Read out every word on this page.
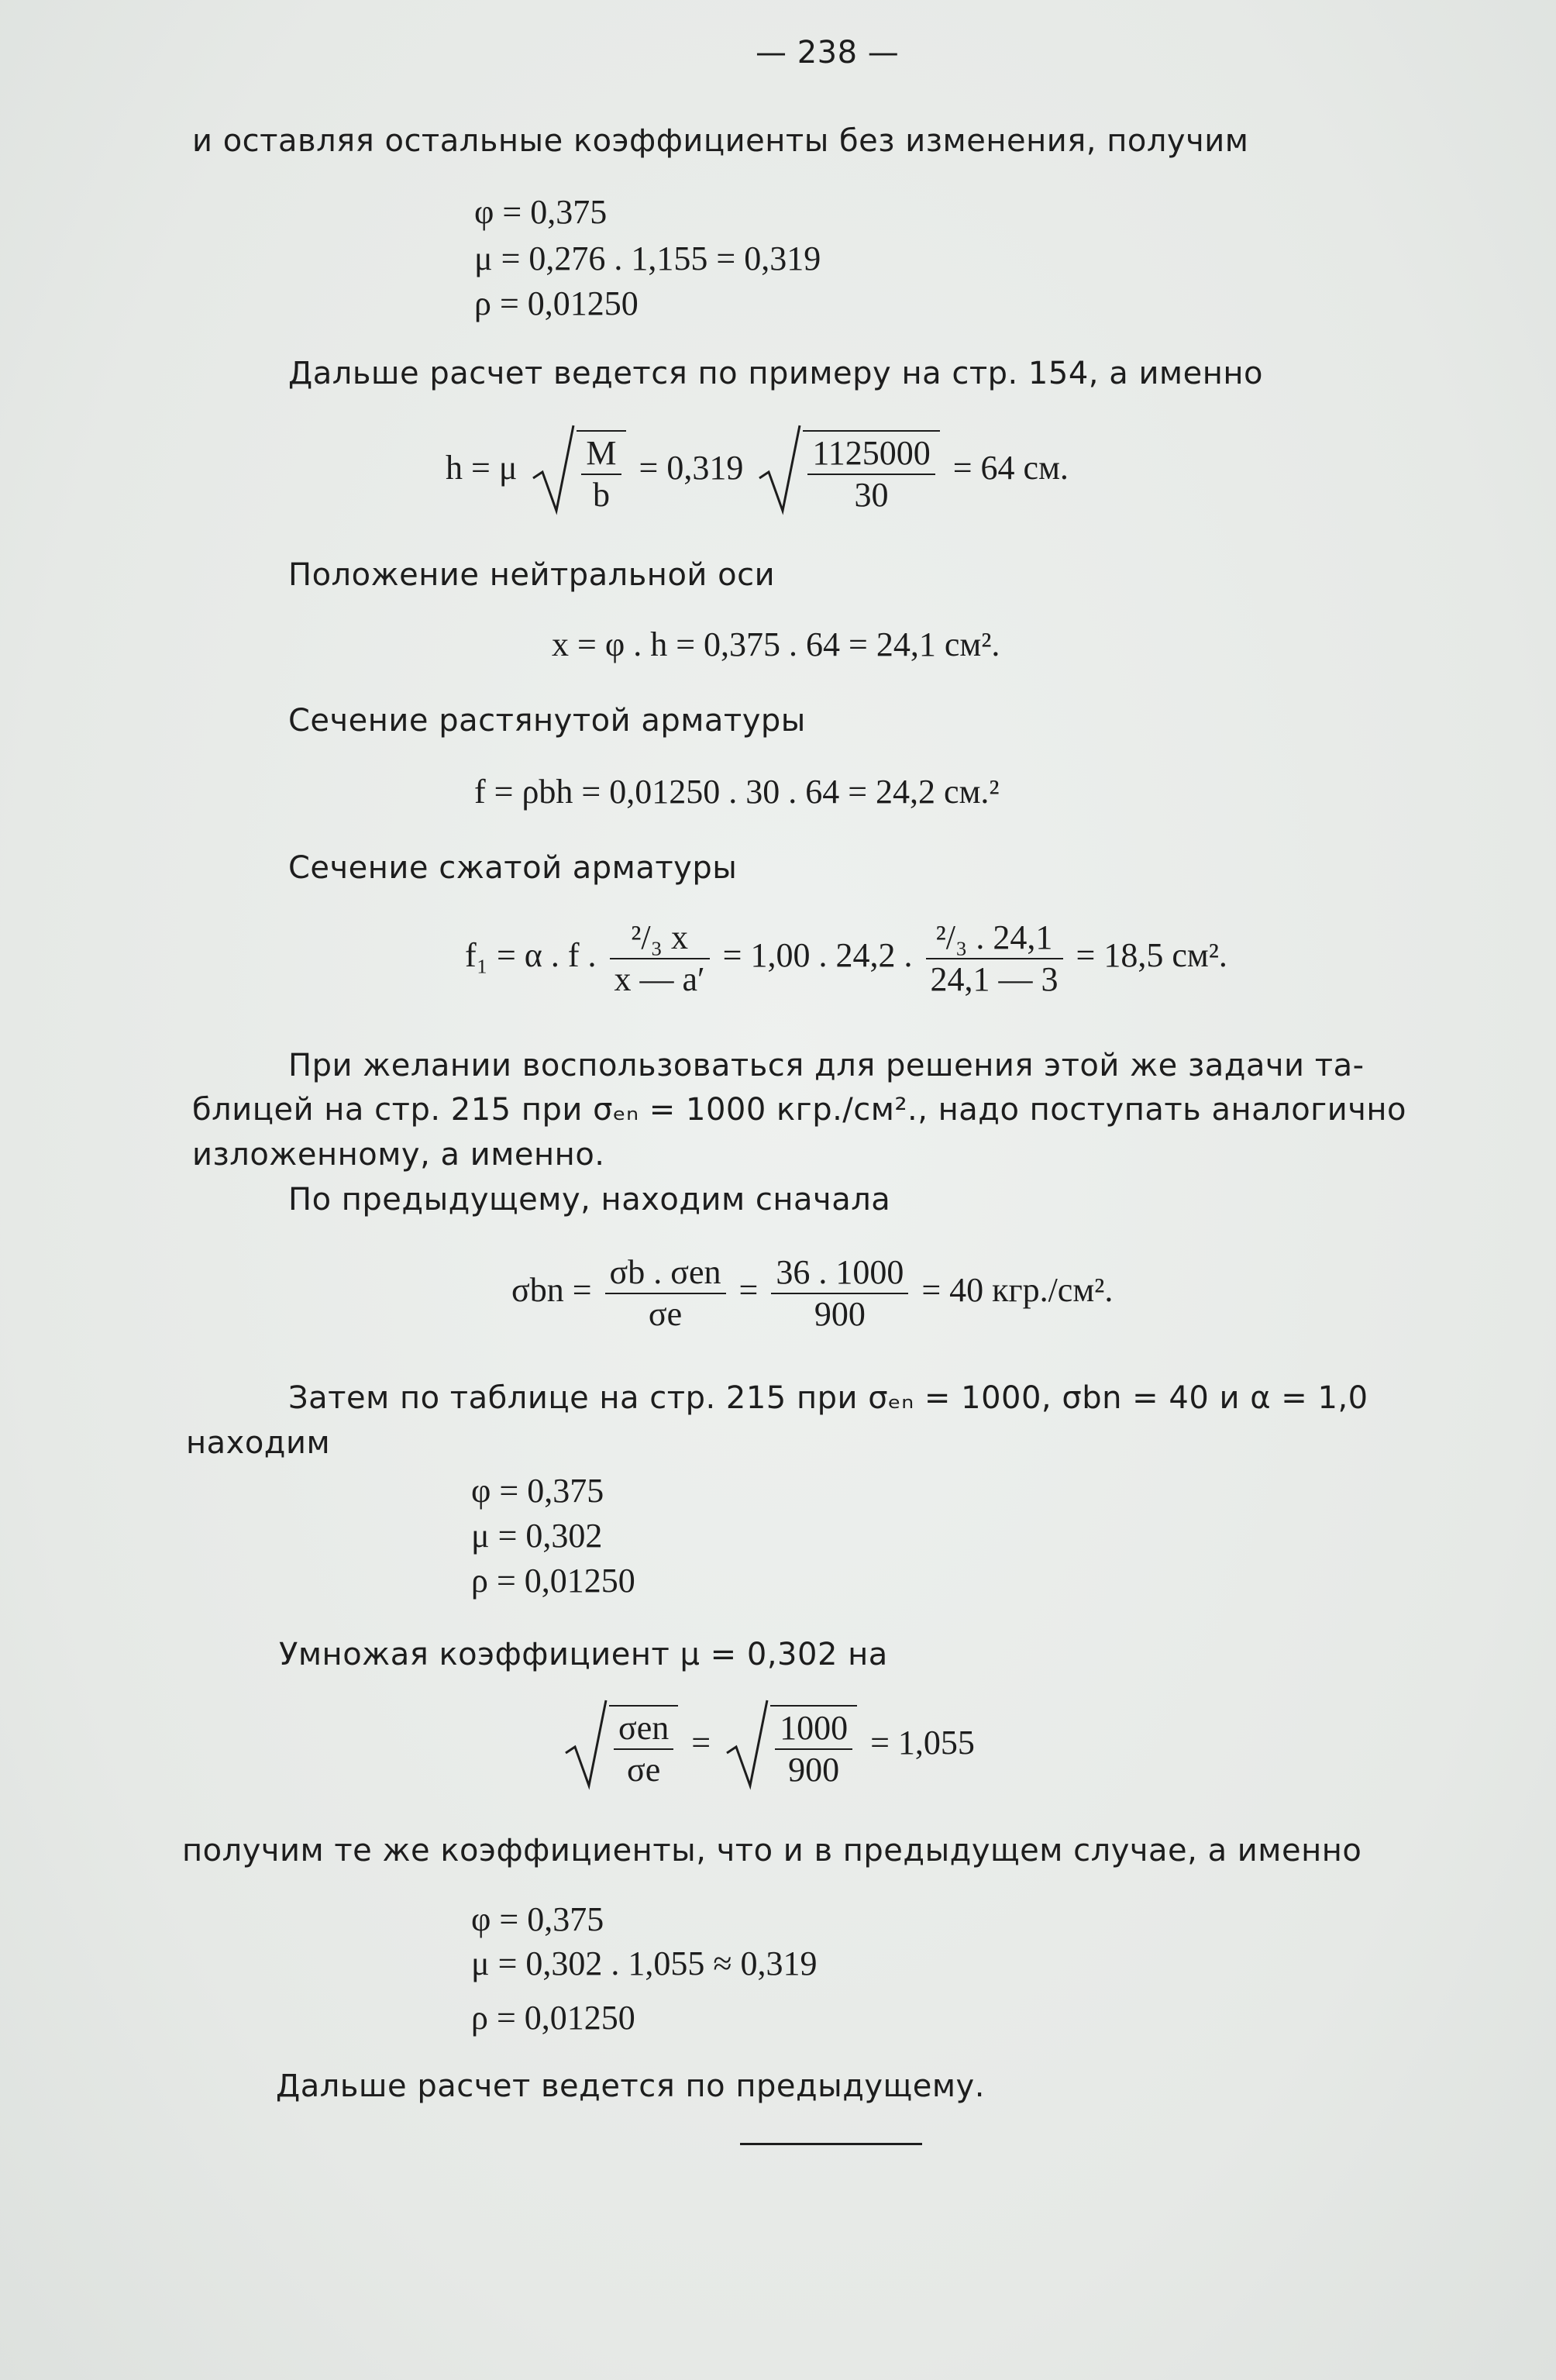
— 238 —
и оставляя остальные коэффициенты без изменения, получим
φ = 0,375
μ = 0,276 . 1,155 = 0,319
ρ = 0,01250
Дальше расчет ведется по примеру на стр. 154, а именно
h = μ $\frac{M}{b} = 0,319 \frac{1125000}{30} = 64$ см.
Положение нейтральной оси
x = φ . h = 0,375 . 64 = 24,1 см².
Сечение растянутой арматуры
f = ρbh = 0,01250 . 30 . 64 = 24,2 см.²
Сечение сжатой арматуры
f₁ = α . f . $\frac{\text{²/₃ x}}{x — a'} = 1,00$ . 24,2 . $\frac{\text{²/₃ . 24,1}}{24,1 — 3} = 18,5$ см².
При желании воспользоваться для решения этой же задачи та-
блицей на стр. 215 при σₑₙ = 1000 кгр./см²., надо поступать аналогично
изложенному, а именно.
По предыдущему, находим сначала
$\sigma bn = \frac{\text{σb . σen}}{\sigma e} = \frac{36 . 1000}{900} = 40$ кгр./см².
Затем по таблице на стр. 215 при σₑₙ = 1000, σbn = 40 и α = 1,0
находим
φ = 0,375
μ = 0,302
ρ = 0,01250
Умножая коэффициент μ = 0,302 на
$\frac{\text{σen}}{\sigma e} = \frac{1000}{900} = 1,055$
получим те же коэффициенты, что и в предыдущем случае, а именно
φ = 0,375
μ = 0,302 . 1,055 ≈ 0,319
ρ = 0,01250
Дальше расчет ведется по предыдущему.
